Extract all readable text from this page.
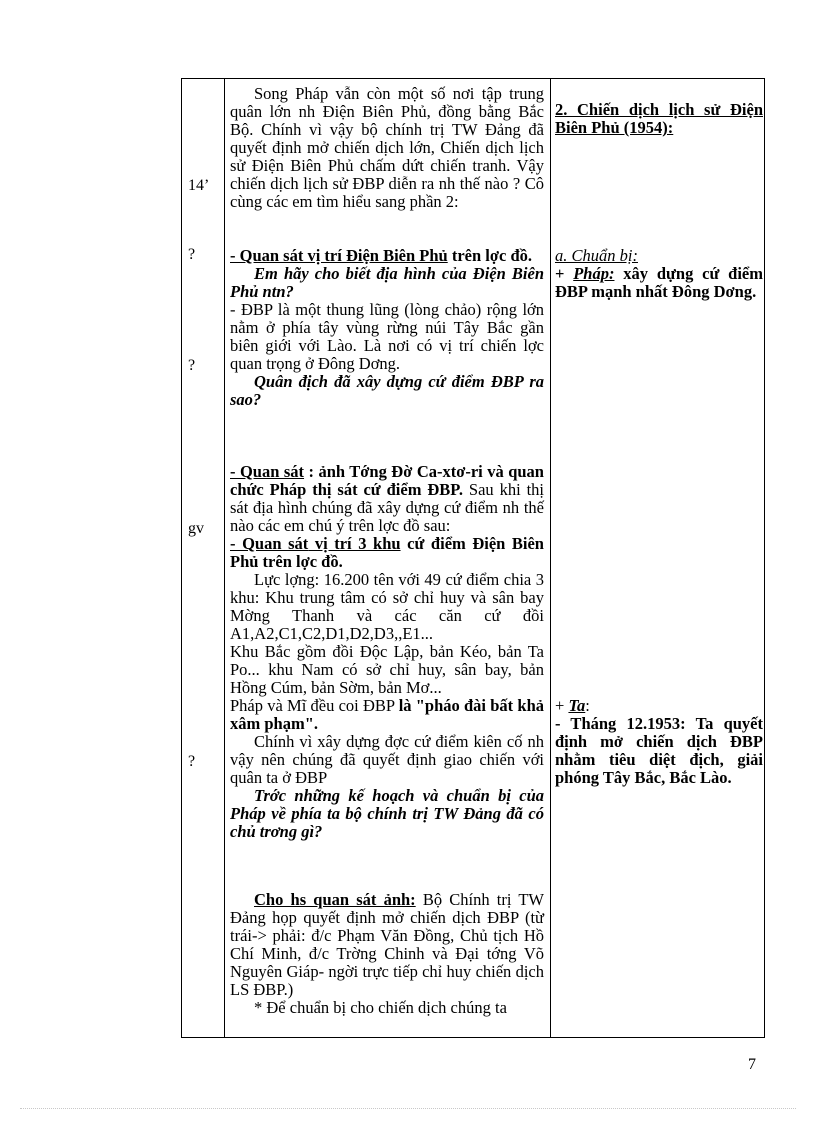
14’
?
?
gv
?

Song Pháp vẫn còn một số nơi tập trung quân lớn nh Điện Biên Phủ, đồng bằng Bắc Bộ. Chính vì vậy bộ chính trị TW Đảng đã quyết định mở chiến dịch lớn, Chiến dịch lịch sử Điện Biên Phủ chấm dứt chiến tranh. Vậy chiến dịch lịch sử ĐBP diễn ra nh thế nào ? Cô cùng các em tìm hiểu sang phần 2:

- Quan sát vị trí Điện Biên Phủ trên lợc đồ.

Em hãy cho biết địa hình của Điện Biên Phủ ntn?

- ĐBP là một thung lũng (lòng chảo) rộng lớn nằm ở phía tây vùng rừng núi Tây Bắc gần biên giới với Lào. Là nơi có vị trí chiến lợc quan trọng ở Đông Dơng.

Quân địch đã xây dựng cứ điểm ĐBP ra sao?

- Quan sát : ảnh Tớng Đờ Ca-xtơ-ri và quan chức Pháp thị sát cứ điểm ĐBP. Sau khi thị sát địa hình chúng đã xây dựng cứ điểm nh thế nào các em chú ý trên lợc đồ sau:

- Quan sát vị trí 3 khu cứ điểm Điện Biên Phủ trên lợc đồ.

Lực lợng: 16.200 tên với 49 cứ điểm chia 3 khu: Khu trung tâm có sở chỉ huy và sân bay Mờng Thanh và các căn cứ đồi A1,A2,C1,C2,D1,D2,D3,,E1...

Khu Bắc gồm đồi Độc Lập, bản Kéo, bản Ta Po... khu Nam có sở chỉ huy, sân bay, bản Hồng Cúm, bản Sờm, bản Mơ...

Pháp và Mĩ đều coi ĐBP là "pháo đài bất khả xâm phạm".

Chính vì xây dựng đợc cứ điểm kiên cố nh vậy nên chúng đã quyết định giao chiến với quân ta ở ĐBP

Trớc những kế hoạch và chuẩn bị của Pháp về phía ta bộ chính trị TW Đảng đã có chủ trơng gì?

Cho hs quan sát ảnh: Bộ Chính trị TW Đảng họp quyết định mở chiến dịch ĐBP (từ trái-> phải: đ/c Phạm Văn Đồng, Chủ tịch Hồ Chí Minh, đ/c Trờng Chinh và Đại tớng Võ Nguyên Giáp- ngời trực tiếp chỉ huy chiến dịch LS ĐBP.)

* Để chuẩn bị cho chiến dịch chúng ta

2. Chiến dịch lịch sử Điện Biên Phủ (1954):

a. Chuẩn bị:

+ Pháp: xây dựng cứ điểm ĐBP mạnh nhất Đông Dơng.

+ Ta:

- Tháng 12.1953: Ta quyết định mở chiến dịch ĐBP nhằm tiêu diệt địch, giải phóng Tây Bắc, Bắc Lào.

7
